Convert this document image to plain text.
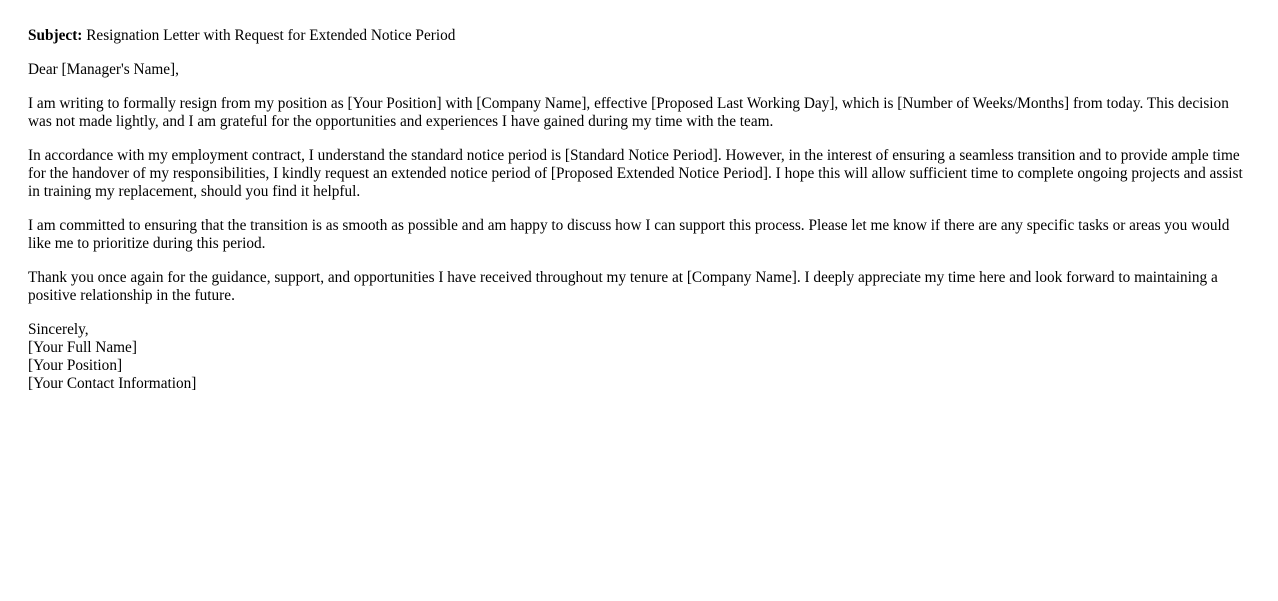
Subject: Resignation Letter with Request for Extended Notice Period

Dear [Manager's Name],

I am writing to formally resign from my position as [Your Position] with [Company Name], effective [Proposed Last Working Day], which is [Number of Weeks/Months] from today. This decision was not made lightly, and I am grateful for the opportunities and experiences I have gained during my time with the team.

In accordance with my employment contract, I understand the standard notice period is [Standard Notice Period]. However, in the interest of ensuring a seamless transition and to provide ample time for the handover of my responsibilities, I kindly request an extended notice period of [Proposed Extended Notice Period]. I hope this will allow sufficient time to complete ongoing projects and assist in training my replacement, should you find it helpful.

I am committed to ensuring that the transition is as smooth as possible and am happy to discuss how I can support this process. Please let me know if there are any specific tasks or areas you would like me to prioritize during this period.

Thank you once again for the guidance, support, and opportunities I have received throughout my tenure at [Company Name]. I deeply appreciate my time here and look forward to maintaining a positive relationship in the future.

Sincerely,

[Your Full Name]

[Your Position]

[Your Contact Information]
